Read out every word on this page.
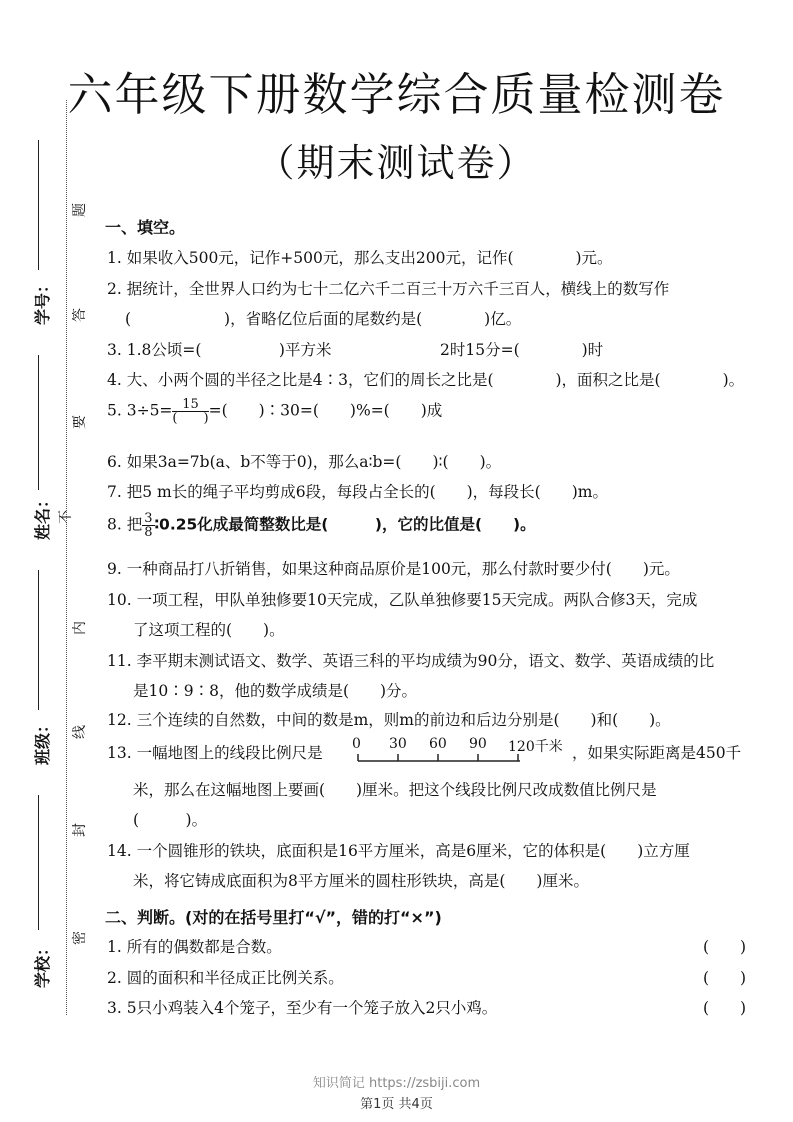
六年级下册数学综合质量检测卷
（期末测试卷）
学号：
姓名：
班级：
学校：
题
答
要
不
内
线
封
密
一、填空。
1. 如果收入500元，记作+500元，那么支出200元，记作(　　　　)元。
2. 据统计，全世界人口约为七十二亿六千二百三十万六千三百人，横线上的数写作
(　　　　　　)，省略亿位后面的尾数约是(　　　　)亿。
3. 1.8公顷=(　　　　　)平方米	2时15分=(　　　　)时
4. 大、小两个圆的半径之比是4∶3，它们的周长之比是(　　　　)，面积之比是(　　　　)。
5. $3\div 5= \frac{15}{( )}$ =(　　)∶30=(　　)%=(　　)成
6. 如果3a=7b(a、b不等于0)，那么a∶b=(　　)∶(　　)。
7. 把5 m长的绳子平均剪成6段，每段占全长的(　　)，每段长(　　)m。
8. 把 $\frac{3}{8}$ ∶0.25化成最简整数比是(　　　)，它的比值是(　　)。
9. 一种商品打八折销售，如果这种商品原价是100元，那么付款时要少付(　　)元。
10. 一项工程，甲队单独修要10天完成，乙队单独修要15天完成。两队合修3天，完成
了这项工程的(　　)。
11. 李平期末测试语文、数学、英语三科的平均成绩为90分，语文、数学、英语成绩的比
是10∶9∶8，他的数学成绩是(　　)分。
12. 三个连续的自然数，中间的数是m，则m的前边和后边分别是(　　)和(　　)。
13. 一幅地图上的线段比例尺是 0 30 60 90 120千米 ，如果实际距离是450千
米，那么在这幅地图上要画(　　)厘米。把这个线段比例尺改成数值比例尺是
(　　　)。
14. 一个圆锥形的铁块，底面积是16平方厘米，高是6厘米，它的体积是(　　)立方厘
米，将它铸成底面积为8平方厘米的圆柱形铁块，高是(　　)厘米。
二、判断。(对的在括号里打“√”，错的打“×”)
1. 所有的偶数都是合数。	(　　)
2. 圆的面积和半径成正比例关系。	(　　)
3. 5只小鸡装入4个笼子，至少有一个笼子放入2只小鸡。	(　　)
知识简记 https://zsbiji.com
第1页 共4页
